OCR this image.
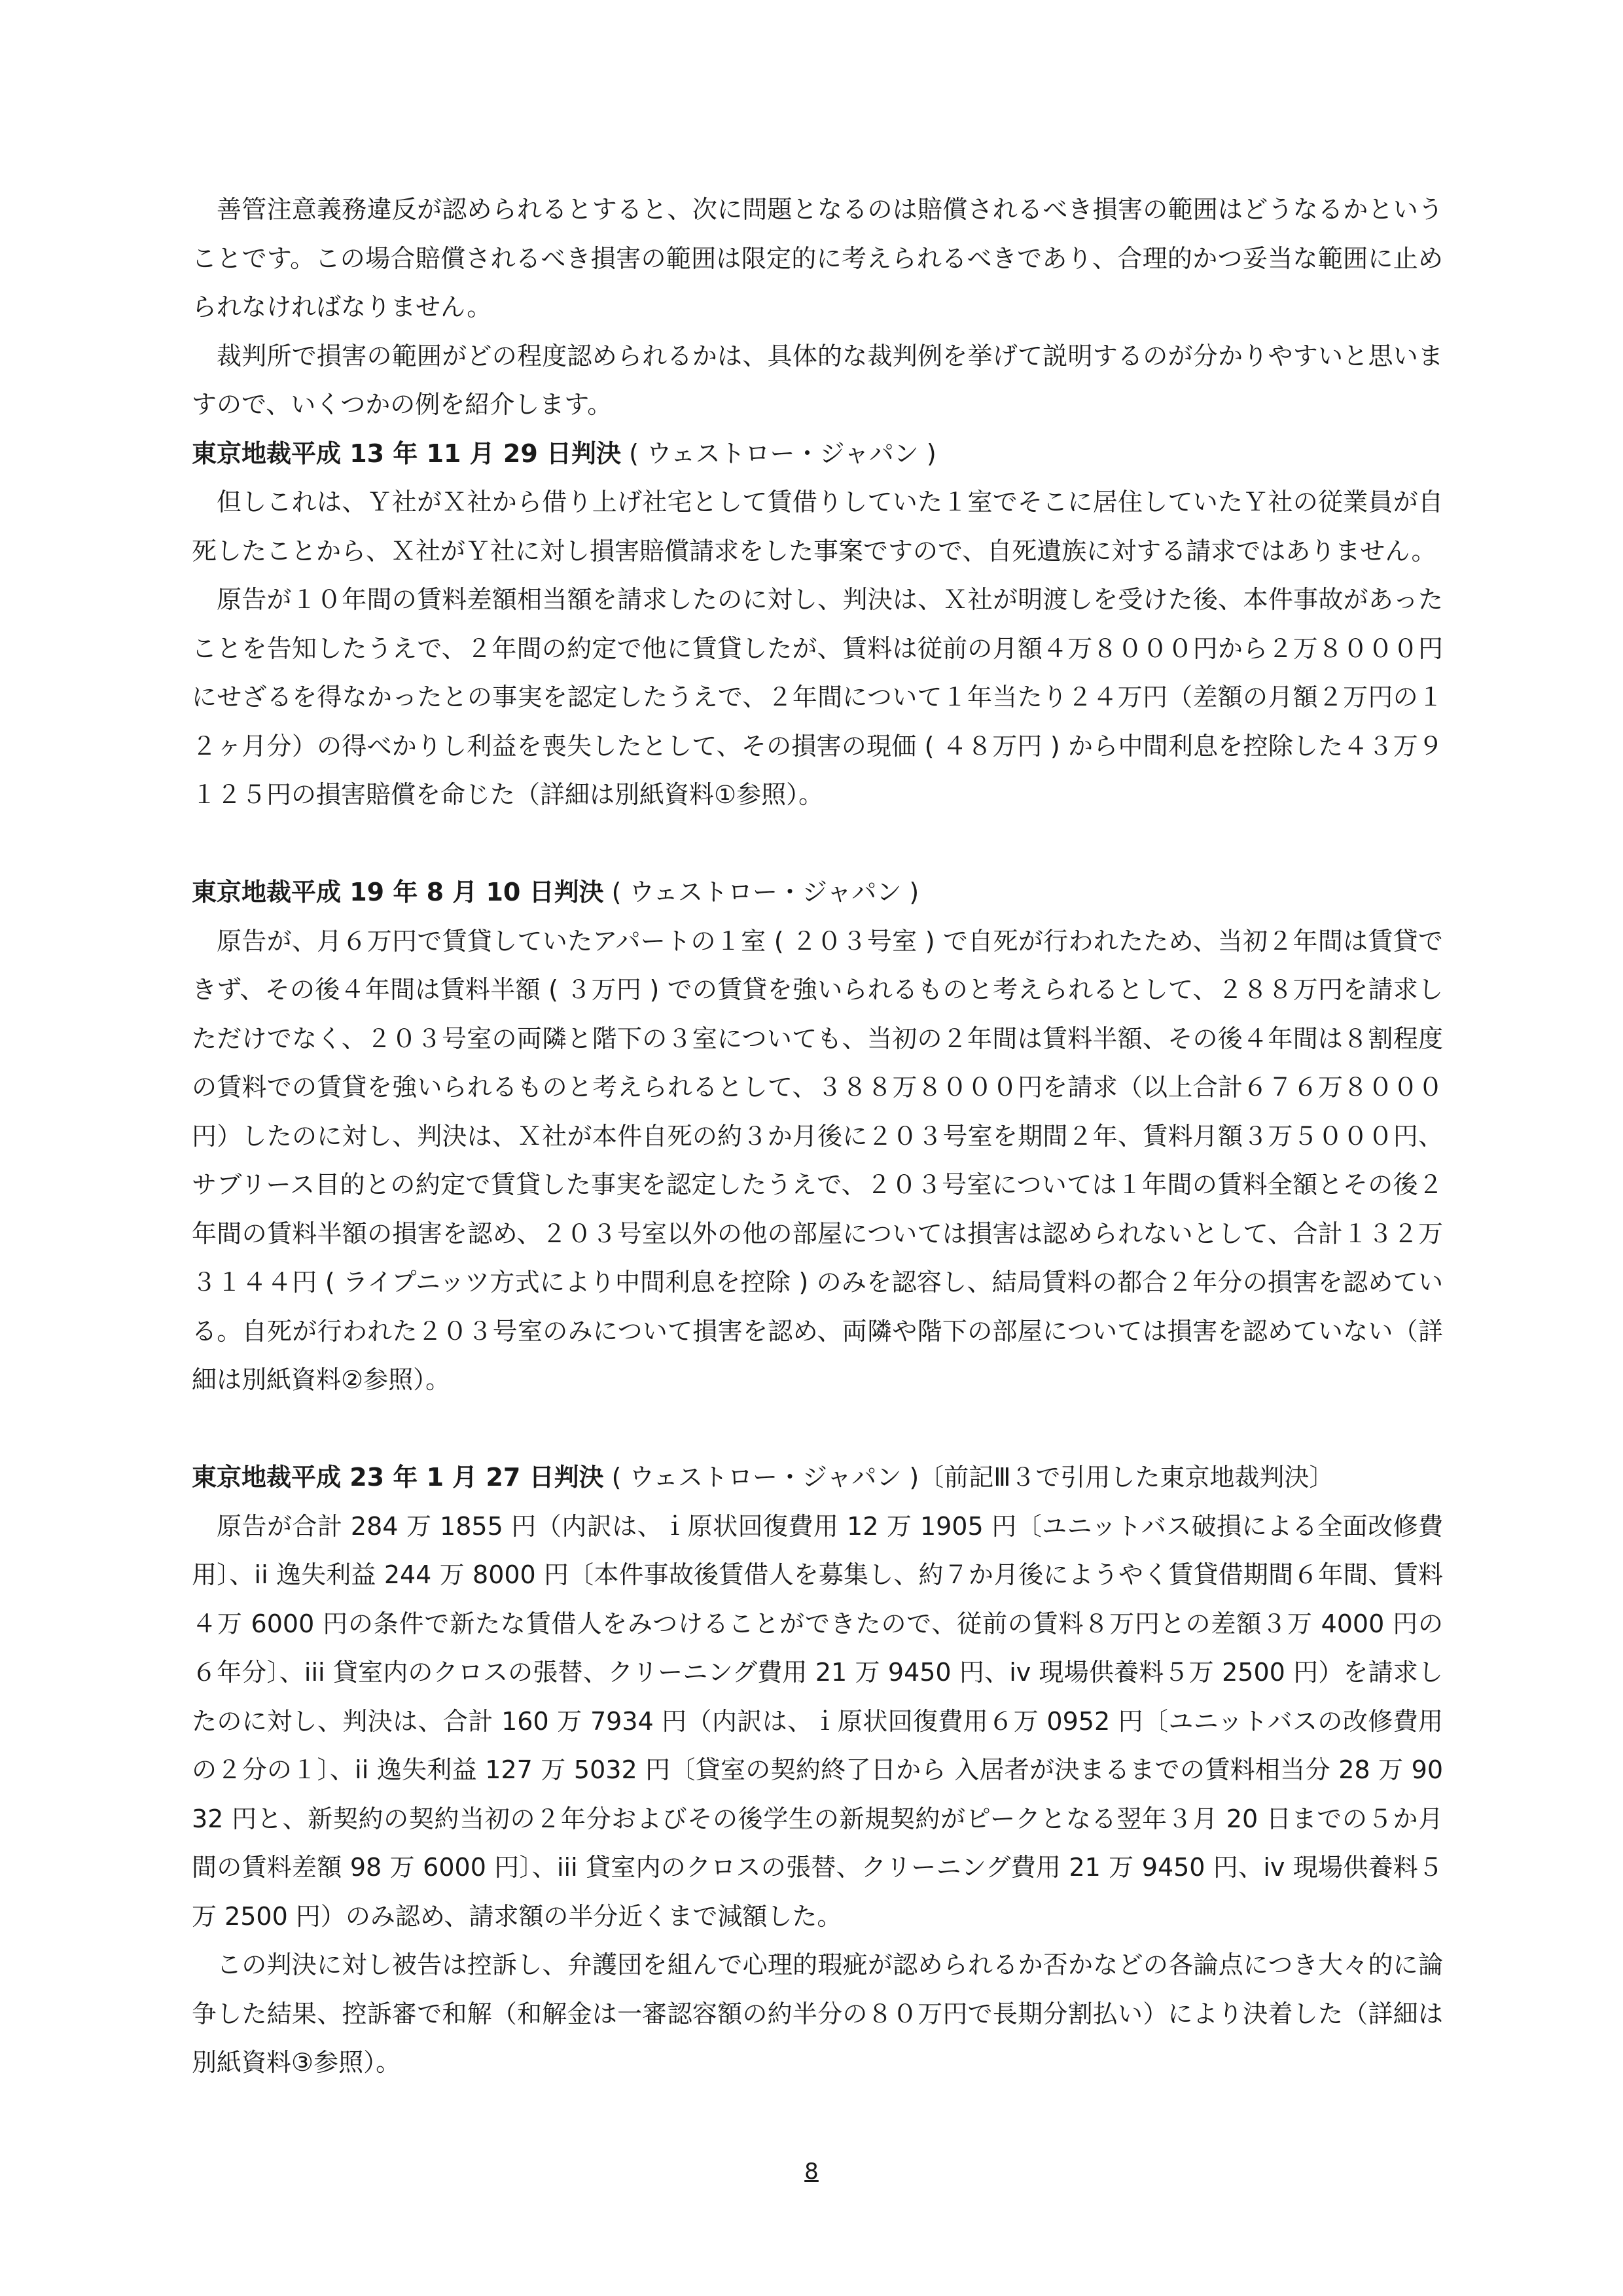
善管注意義務違反が認められるとすると、次に問題となるのは賠償されるべき損害の範囲はどうなるかということです。この場合賠償されるべき損害の範囲は限定的に考えられるべきであり、合理的かつ妥当な範囲に止められなければなりません。

裁判所で損害の範囲がどの程度認められるかは、具体的な裁判例を挙げて説明するのが分かりやすいと思いますので、いくつかの例を紹介します。

東京地裁平成 13 年 11 月 29 日判決 ( ウェストロー・ジャパン )

但しこれは、Ｙ社がＸ社から借り上げ社宅として賃借りしていた１室でそこに居住していたＹ社の従業員が自死したことから、Ｘ社がＹ社に対し損害賠償請求をした事案ですので、自死遺族に対する請求ではありません。

原告が１０年間の賃料差額相当額を請求したのに対し、判決は、Ｘ社が明渡しを受けた後、本件事故があったことを告知したうえで、２年間の約定で他に賃貸したが、賃料は従前の月額４万８０００円から２万８０００円にせざるを得なかったとの事実を認定したうえで、２年間について１年当たり２４万円（差額の月額２万円の１２ヶ月分）の得べかりし利益を喪失したとして、その損害の現価 ( ４８万円 ) から中間利息を控除した４３万９１２５円の損害賠償を命じた（詳細は別紙資料①参照）。

東京地裁平成 19 年 8 月 10 日判決 ( ウェストロー・ジャパン )

原告が、月６万円で賃貸していたアパートの１室 ( ２０３号室 ) で自死が行われたため、当初２年間は賃貸できず、その後４年間は賃料半額 ( ３万円 ) での賃貸を強いられるものと考えられるとして、２８８万円を請求しただけでなく、２０３号室の両隣と階下の３室についても、当初の２年間は賃料半額、その後４年間は８割程度の賃料での賃貸を強いられるものと考えられるとして、３８８万８０００円を請求（以上合計６７６万８０００円）したのに対し、判決は、Ｘ社が本件自死の約３か月後に２０３号室を期間２年、賃料月額３万５０００円、サブリース目的との約定で賃貸した事実を認定したうえで、２０３号室については１年間の賃料全額とその後２年間の賃料半額の損害を認め、２０３号室以外の他の部屋については損害は認められないとして、合計１３２万３１４４円 ( ライプニッツ方式により中間利息を控除 ) のみを認容し、結局賃料の都合２年分の損害を認めている。自死が行われた２０３号室のみについて損害を認め、両隣や階下の部屋については損害を認めていない（詳細は別紙資料②参照）。

東京地裁平成 23 年 1 月 27 日判決 ( ウェストロー・ジャパン )〔前記Ⅲ３で引用した東京地裁判決〕

原告が合計 284 万 1855 円（内訳は、ｉ原状回復費用 12 万 1905 円〔ユニットバス破損による全面改修費用〕、ii 逸失利益 244 万 8000 円〔本件事故後賃借人を募集し、約７か月後にようやく賃貸借期間６年間、賃料４万 6000 円の条件で新たな賃借人をみつけることができたので、従前の賃料８万円との差額３万 4000 円の６年分〕、iii 貸室内のクロスの張替、クリーニング費用 21 万 9450 円、iv 現場供養料５万 2500 円）を請求したのに対し、判決は、合計 160 万 7934 円（内訳は、ｉ原状回復費用６万 0952 円〔ユニットバスの改修費用の２分の１〕、ii 逸失利益 127 万 5032 円〔貸室の契約終了日から 入居者が決まるまでの賃料相当分 28 万 9032 円と、新契約の契約当初の２年分およびその後学生の新規契約がピークとなる翌年３月 20 日までの５か月間の賃料差額 98 万 6000 円〕、iii 貸室内のクロスの張替、クリーニング費用 21 万 9450 円、iv 現場供養料５万 2500 円）のみ認め、請求額の半分近くまで減額した。

この判決に対し被告は控訴し、弁護団を組んで心理的瑕疵が認められるか否かなどの各論点につき大々的に論争した結果、控訴審で和解（和解金は一審認容額の約半分の８０万円で長期分割払い）により決着した（詳細は別紙資料③参照）。

8
